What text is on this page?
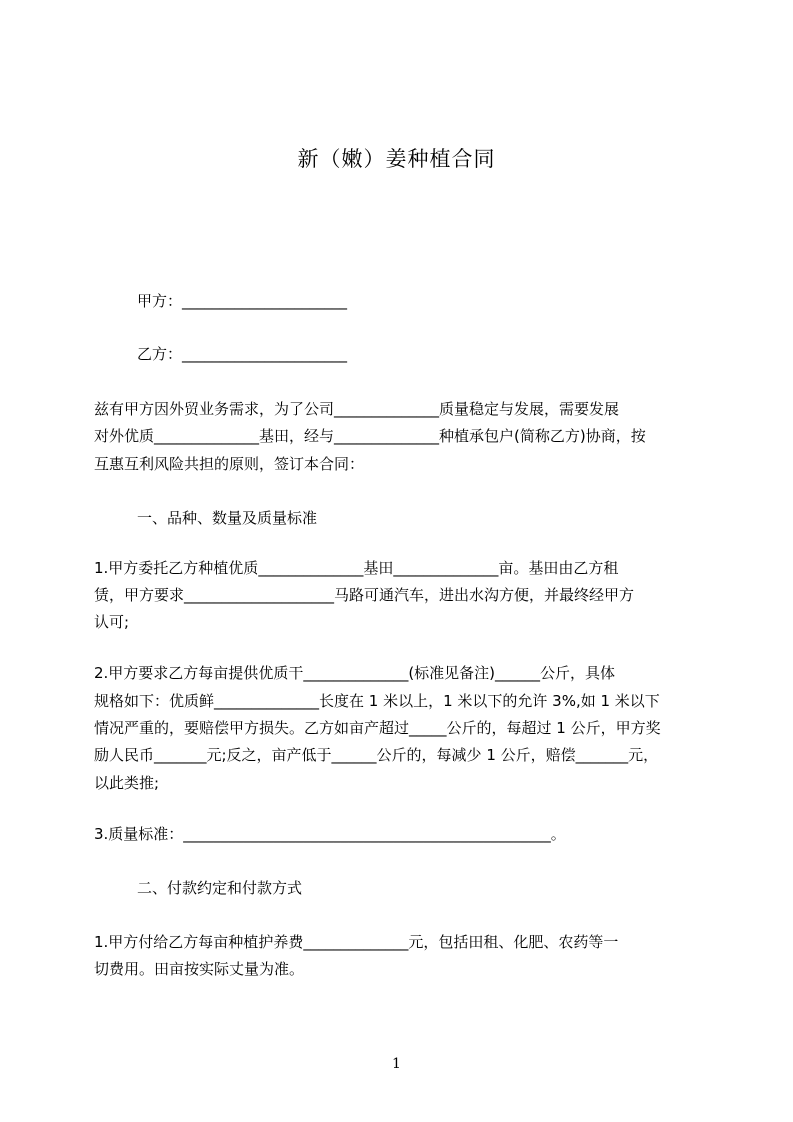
新（嫩）姜种植合同
甲方：______________________
乙方：______________________
兹有甲方因外贸业务需求，为了公司______________质量稳定与发展，需要发展
对外优质______________基田，经与______________种植承包户(简称乙方)协商，按
互惠互利风险共担的原则，签订本合同：
一、品种、数量及质量标准
1.甲方委托乙方种植优质______________基田______________亩。基田由乙方租
赁，甲方要求____________________马路可通汽车，进出水沟方便，并最终经甲方
认可;
2.甲方要求乙方每亩提供优质干______________(标准见备注)______公斤，具体
规格如下：优质鲜______________长度在 1 米以上，1 米以下的允许 3%,如 1 米以下
情况严重的，要赔偿甲方损失。乙方如亩产超过_____公斤的，每超过 1 公斤，甲方奖
励人民币_______元;反之，亩产低于______公斤的，每减少 1 公斤，赔偿_______元，
以此类推;
3.质量标准：_________________________________________________。
二、付款约定和付款方式
1.甲方付给乙方每亩种植护养费______________元，包括田租、化肥、农药等一
切费用。田亩按实际丈量为准。
1
